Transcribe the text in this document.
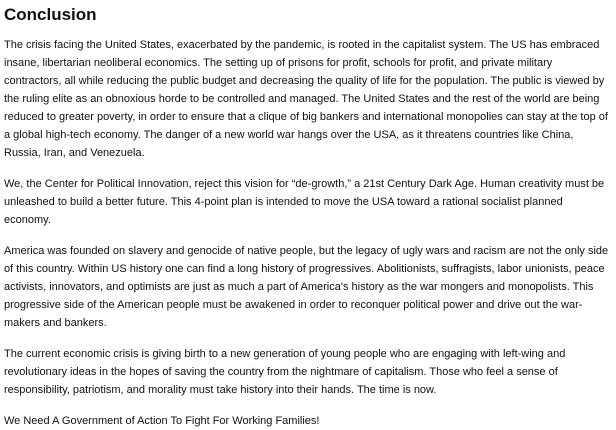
Conclusion

The crisis facing the United States, exacerbated by the pandemic, is rooted in the capitalist system. The US has embraced insane, libertarian neoliberal economics. The setting up of prisons for profit, schools for profit, and private military contractors, all while reducing the public budget and decreasing the quality of life for the population. The public is viewed by the ruling elite as an obnoxious horde to be controlled and managed. The United States and the rest of the world are being reduced to greater poverty, in order to ensure that a clique of big bankers and international monopolies can stay at the top of a global high-tech economy. The danger of a new world war hangs over the USA, as it threatens countries like China, Russia, Iran, and Venezuela.

We, the Center for Political Innovation, reject this vision for “de-growth,” a 21st Century Dark Age. Human creativity must be unleashed to build a better future. This 4-point plan is intended to move the USA toward a rational socialist planned economy.

America was founded on slavery and genocide of native people, but the legacy of ugly wars and racism are not the only side of this country. Within US history one can find a long history of progressives. Abolitionists, suffragists, labor unionists, peace activists, innovators, and optimists are just as much a part of America's history as the war mongers and monopolists. This progressive side of the American people must be awakened in order to reconquer political power and drive out the war-makers and bankers.

The current economic crisis is giving birth to a new generation of young people who are engaging with left-wing and revolutionary ideas in the hopes of saving the country from the nightmare of capitalism. Those who feel a sense of responsibility, patriotism, and morality must take history into their hands. The time is now.

We Need A Government of Action To Fight For Working Families!
